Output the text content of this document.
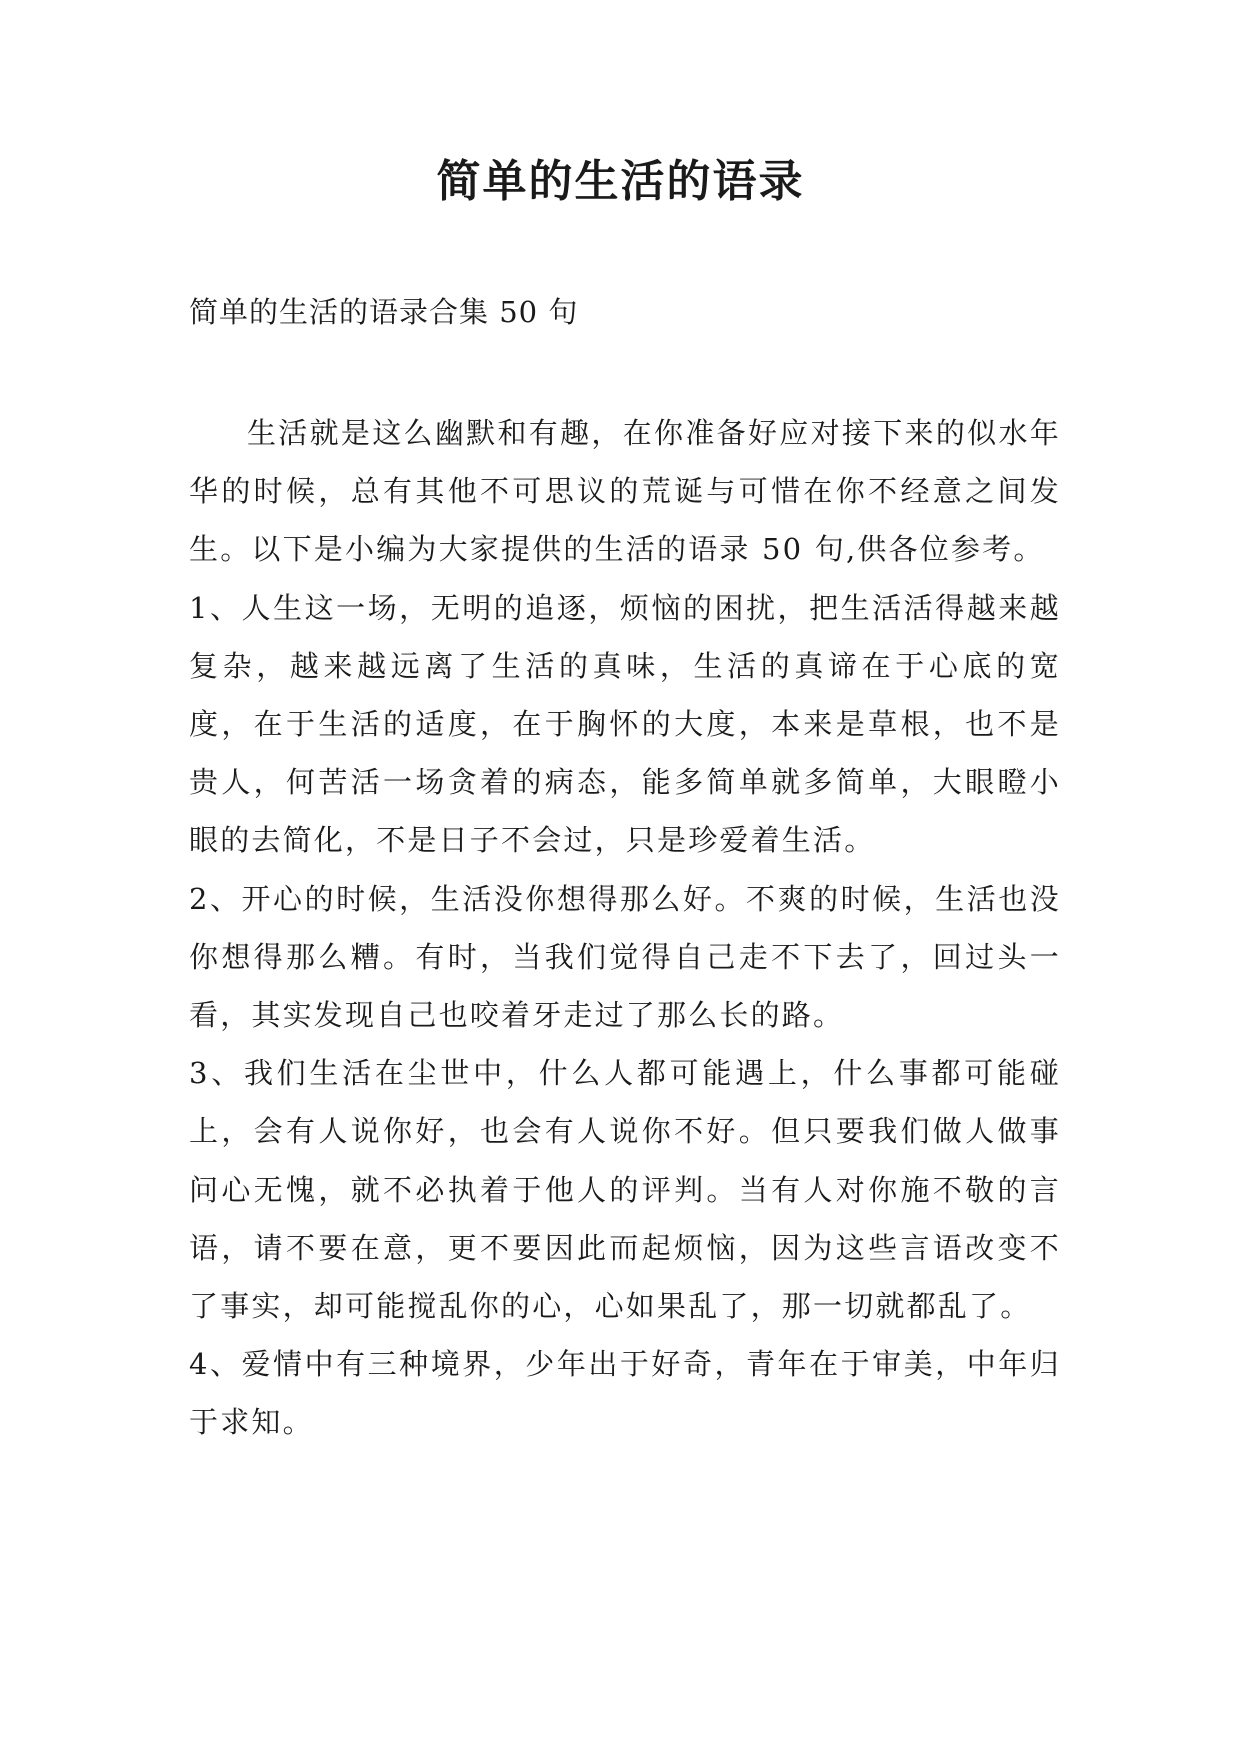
简单的生活的语录

简单的生活的语录合集 50 句

生活就是这么幽默和有趣，在你准备好应对接下来的似水年华的时候，总有其他不可思议的荒诞与可惜在你不经意之间发生。以下是小编为大家提供的生活的语录 50 句,供各位参考。

1、人生这一场，无明的追逐，烦恼的困扰，把生活活得越来越复杂，越来越远离了生活的真味，生活的真谛在于心底的宽度，在于生活的适度，在于胸怀的大度，本来是草根，也不是贵人，何苦活一场贪着的病态，能多简单就多简单，大眼瞪小眼的去简化，不是日子不会过，只是珍爱着生活。

2、开心的时候，生活没你想得那么好。不爽的时候，生活也没你想得那么糟。有时，当我们觉得自己走不下去了，回过头一看，其实发现自己也咬着牙走过了那么长的路。

3、我们生活在尘世中，什么人都可能遇上，什么事都可能碰上，会有人说你好，也会有人说你不好。但只要我们做人做事问心无愧，就不必执着于他人的评判。当有人对你施不敬的言语，请不要在意，更不要因此而起烦恼，因为这些言语改变不了事实，却可能搅乱你的心，心如果乱了，那一切就都乱了。

4、爱情中有三种境界，少年出于好奇，青年在于审美，中年归于求知。
